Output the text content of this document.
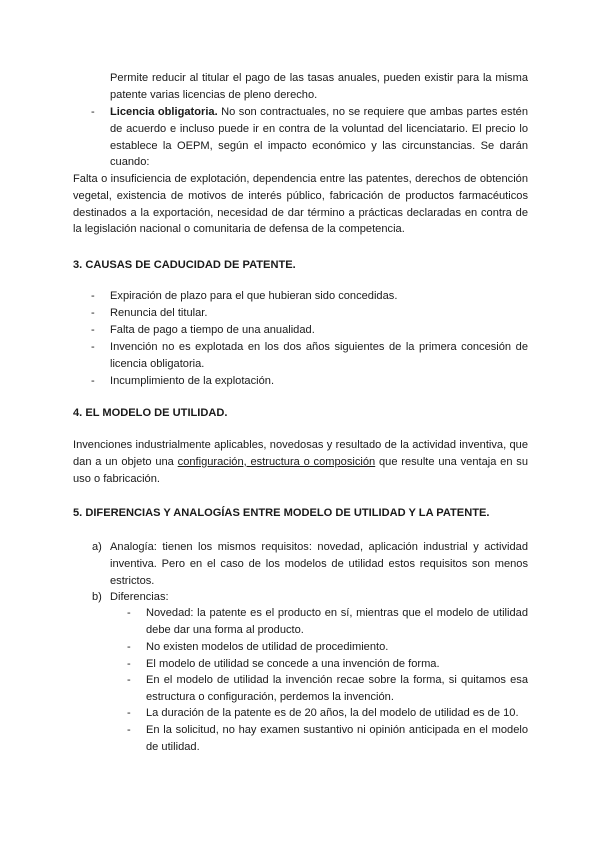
Permite reducir al titular el pago de las tasas anuales, pueden existir para la misma patente varias licencias de pleno derecho.

-	Licencia obligatoria. No son contractuales, no se requiere que ambas partes estén de acuerdo e incluso puede ir en contra de la voluntad del licenciatario. El precio lo establece la OEPM, según el impacto económico y las circunstancias. Se darán cuando:

Falta o insuficiencia de explotación, dependencia entre las patentes, derechos de obtención vegetal, existencia de motivos de interés público, fabricación de productos farmacéuticos destinados a la exportación, necesidad de dar término a prácticas declaradas en contra de la legislación nacional o comunitaria de defensa de la competencia.

3. CAUSAS DE CADUCIDAD DE PATENTE.
-	Expiración de plazo para el que hubieran sido concedidas.
-	Renuncia del titular.
-	Falta de pago a tiempo de una anualidad.
-	Invención no es explotada en los dos años siguientes de la primera concesión de licencia obligatoria.
-	Incumplimiento de la explotación.
4. EL MODELO DE UTILIDAD.

Invenciones industrialmente aplicables, novedosas y resultado de la actividad inventiva, que dan a un objeto una configuración, estructura o composición que resulte una ventaja en su uso o fabricación.

5. DIFERENCIAS Y ANALOGÍAS ENTRE MODELO DE UTILIDAD Y LA PATENTE.
a) Analogía: tienen los mismos requisitos: novedad, aplicación industrial y actividad inventiva. Pero en el caso de los modelos de utilidad estos requisitos son menos estrictos.
b) Diferencias:
-	Novedad: la patente es el producto en sí, mientras que el modelo de utilidad debe dar una forma al producto.
-	No existen modelos de utilidad de procedimiento.
-	El modelo de utilidad se concede a una invención de forma.
-	En el modelo de utilidad la invención recae sobre la forma, si quitamos esa estructura o configuración, perdemos la invención.
-	La duración de la patente es de 20 años, la del modelo de utilidad es de 10.
-	En la solicitud, no hay examen sustantivo ni opinión anticipada en el modelo de utilidad.
